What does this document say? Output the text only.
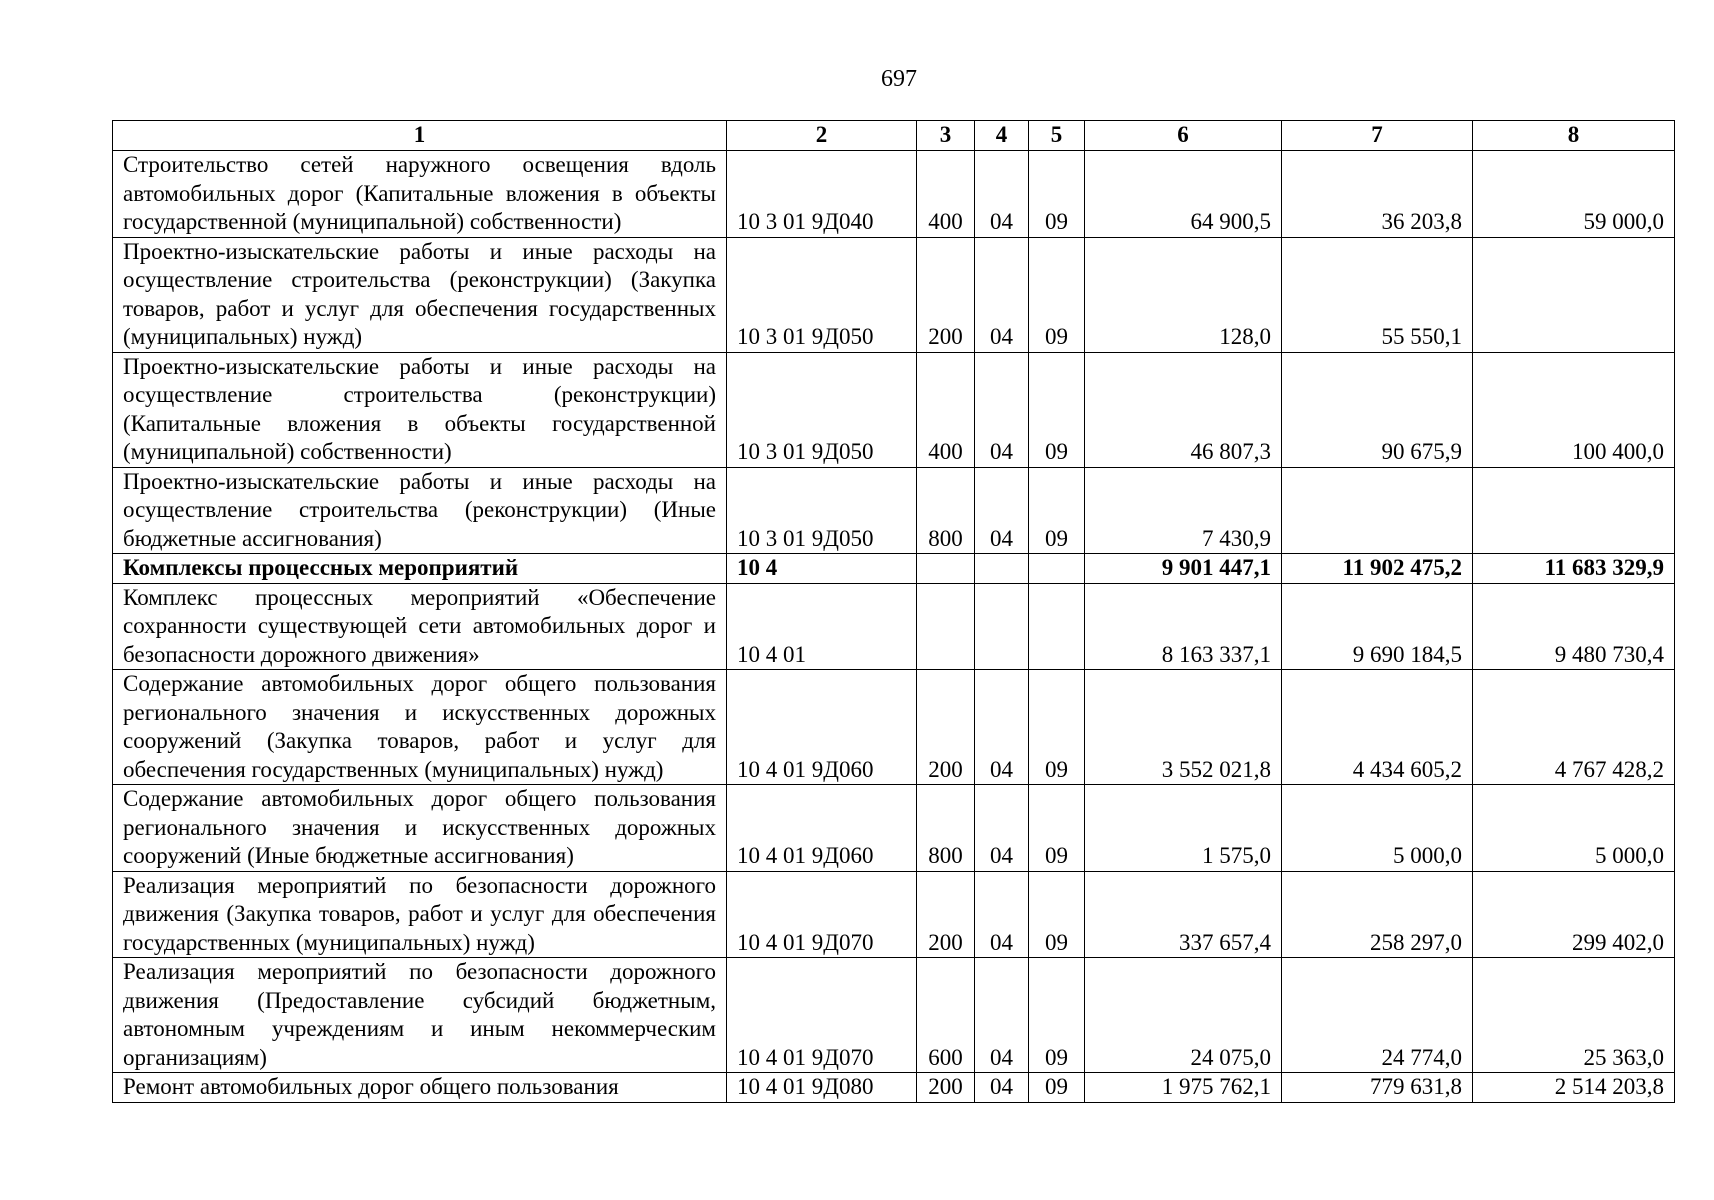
697
1	2	3	4	5	6	7	8
Строительство сетей наружного освещения вдоль автомобильных дорог (Капитальные вложения в объекты государственной (муниципальной) собственности)	10 3 01 9Д040	400	04	09	64 900,5	36 203,8	59 000,0
Проектно-изыскательские работы и иные расходы на осуществление строительства (реконструкции) (Закупка товаров, работ и услуг для обеспечения государственных (муниципальных) нужд)	10 3 01 9Д050	200	04	09	128,0	55 550,1	
Проектно-изыскательские работы и иные расходы на осуществление строительства (реконструкции) (Капитальные вложения в объекты государственной (муниципальной) собственности)	10 3 01 9Д050	400	04	09	46 807,3	90 675,9	100 400,0
Проектно-изыскательские работы и иные расходы на осуществление строительства (реконструкции) (Иные бюджетные ассигнования)	10 3 01 9Д050	800	04	09	7 430,9		
Комплексы процессных мероприятий	10 4				9 901 447,1	11 902 475,2	11 683 329,9
Комплекс процессных мероприятий «Обеспечение сохранности существующей сети автомобильных дорог и безопасности дорожного движения»	10 4 01				8 163 337,1	9 690 184,5	9 480 730,4
Содержание автомобильных дорог общего пользования регионального значения и искусственных дорожных сооружений (Закупка товаров, работ и услуг для обеспечения государственных (муниципальных) нужд)	10 4 01 9Д060	200	04	09	3 552 021,8	4 434 605,2	4 767 428,2
Содержание автомобильных дорог общего пользования регионального значения и искусственных дорожных сооружений (Иные бюджетные ассигнования)	10 4 01 9Д060	800	04	09	1 575,0	5 000,0	5 000,0
Реализация мероприятий по безопасности дорожного движения (Закупка товаров, работ и услуг для обеспечения государственных (муниципальных) нужд)	10 4 01 9Д070	200	04	09	337 657,4	258 297,0	299 402,0
Реализация мероприятий по безопасности дорожного движения (Предоставление субсидий бюджетным, автономным учреждениям и иным некоммерческим организациям)	10 4 01 9Д070	600	04	09	24 075,0	24 774,0	25 363,0
Ремонт автомобильных дорог общего пользования	10 4 01 9Д080	200	04	09	1 975 762,1	779 631,8	2 514 203,8
